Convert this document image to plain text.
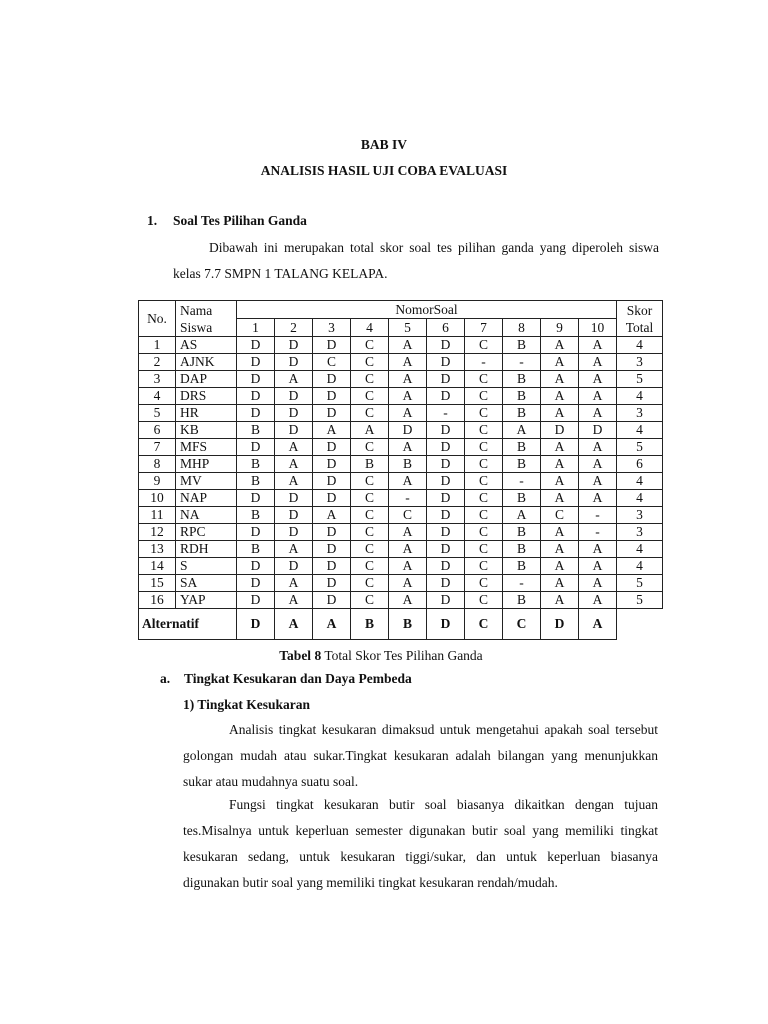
BAB IV
ANALISIS HASIL UJI COBA EVALUASI
1. Soal Tes Pilihan Ganda
Dibawah ini merupakan total skor soal tes pilihan ganda yang diperoleh siswa kelas 7.7 SMPN 1 TALANG KELAPA.
No.	Nama Siswa	NomorSoal										Skor Total
		1	2	3	4	5	6	7	8	9	10	
1	AS	D	D	D	C	A	D	C	B	A	A	4
2	AJNK	D	D	C	C	A	D	-	-	A	A	3
3	DAP	D	A	D	C	A	D	C	B	A	A	5
4	DRS	D	D	D	C	A	D	C	B	A	A	4
5	HR	D	D	D	C	A	-	C	B	A	A	3
6	KB	B	D	A	A	D	D	C	A	D	D	4
7	MFS	D	A	D	C	A	D	C	B	A	A	5
8	MHP	B	A	D	B	B	D	C	B	A	A	6
9	MV	B	A	D	C	A	D	C	-	A	A	4
10	NAP	D	D	D	C	-	D	C	B	A	A	4
11	NA	B	D	A	C	C	D	C	A	C	-	3
12	RPC	D	D	D	C	A	D	C	B	A	-	3
13	RDH	B	A	D	C	A	D	C	B	A	A	4
14	S	D	D	D	C	A	D	C	B	A	A	4
15	SA	D	A	D	C	A	D	C	-	A	A	5
16	YAP	D	A	D	C	A	D	C	B	A	A	5
Alternatif		D	A	A	B	B	D	C	C	D	A	
Tabel 8 Total Skor Tes Pilihan Ganda
a. Tingkat Kesukaran dan Daya Pembeda
1) Tingkat Kesukaran
Analisis tingkat kesukaran dimaksud untuk mengetahui apakah soal tersebut golongan mudah atau sukar.Tingkat kesukaran adalah bilangan yang menunjukkan sukar atau mudahnya suatu soal.
Fungsi tingkat kesukaran butir soal biasanya dikaitkan dengan tujuan tes.Misalnya untuk keperluan semester digunakan butir soal yang memiliki tingkat kesukaran sedang, untuk kesukaran tiggi/sukar, dan untuk keperluan biasanya digunakan butir soal yang memiliki tingkat kesukaran rendah/mudah.
